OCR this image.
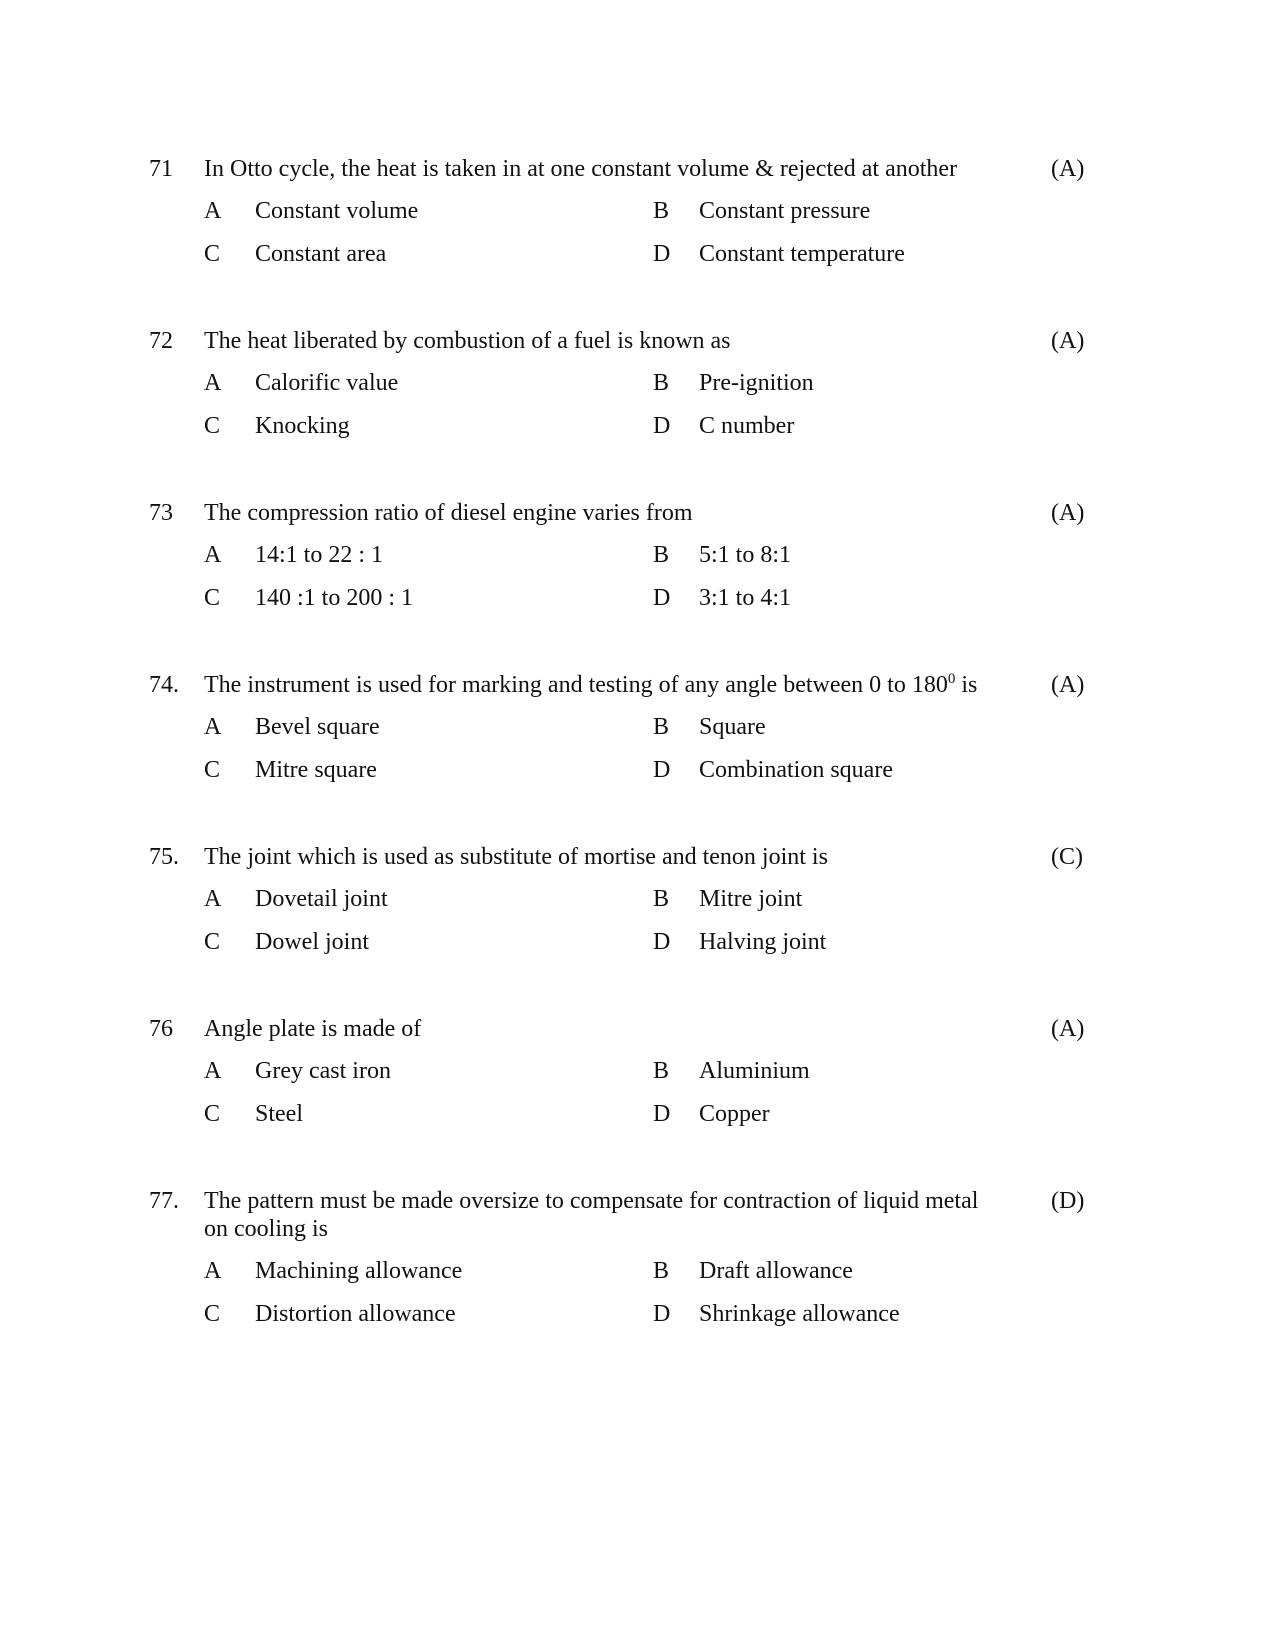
71 In Otto cycle, the heat is taken in at one constant volume & rejected at another	(A)
A Constant volume	B Constant pressure
C Constant area	D Constant temperature
72 The heat liberated by combustion of a fuel is known as	(A)
A Calorific value	B Pre-ignition
C Knocking	D C number
73 The compression ratio of diesel engine varies from	(A)
A 14:1 to 22 : 1	B 5:1 to 8:1
C 140 :1 to 200 : 1	D 3:1 to 4:1
74. The instrument is used for marking and testing of any angle between 0 to $180^0$ is	(A)
A Bevel square	B Square
C Mitre square	D Combination square
75. The joint which is used as substitute of mortise and tenon joint is	(C)
A Dovetail joint	B Mitre joint
C Dowel joint	D Halving joint
76 Angle plate is made of	(A)
A Grey cast iron	B Aluminium
C Steel	D Copper
77. The pattern must be made oversize to compensate for contraction of liquid metal
on cooling is
(D)
A Machining allowance	B Draft allowance
C Distortion allowance	D Shrinkage allowance
